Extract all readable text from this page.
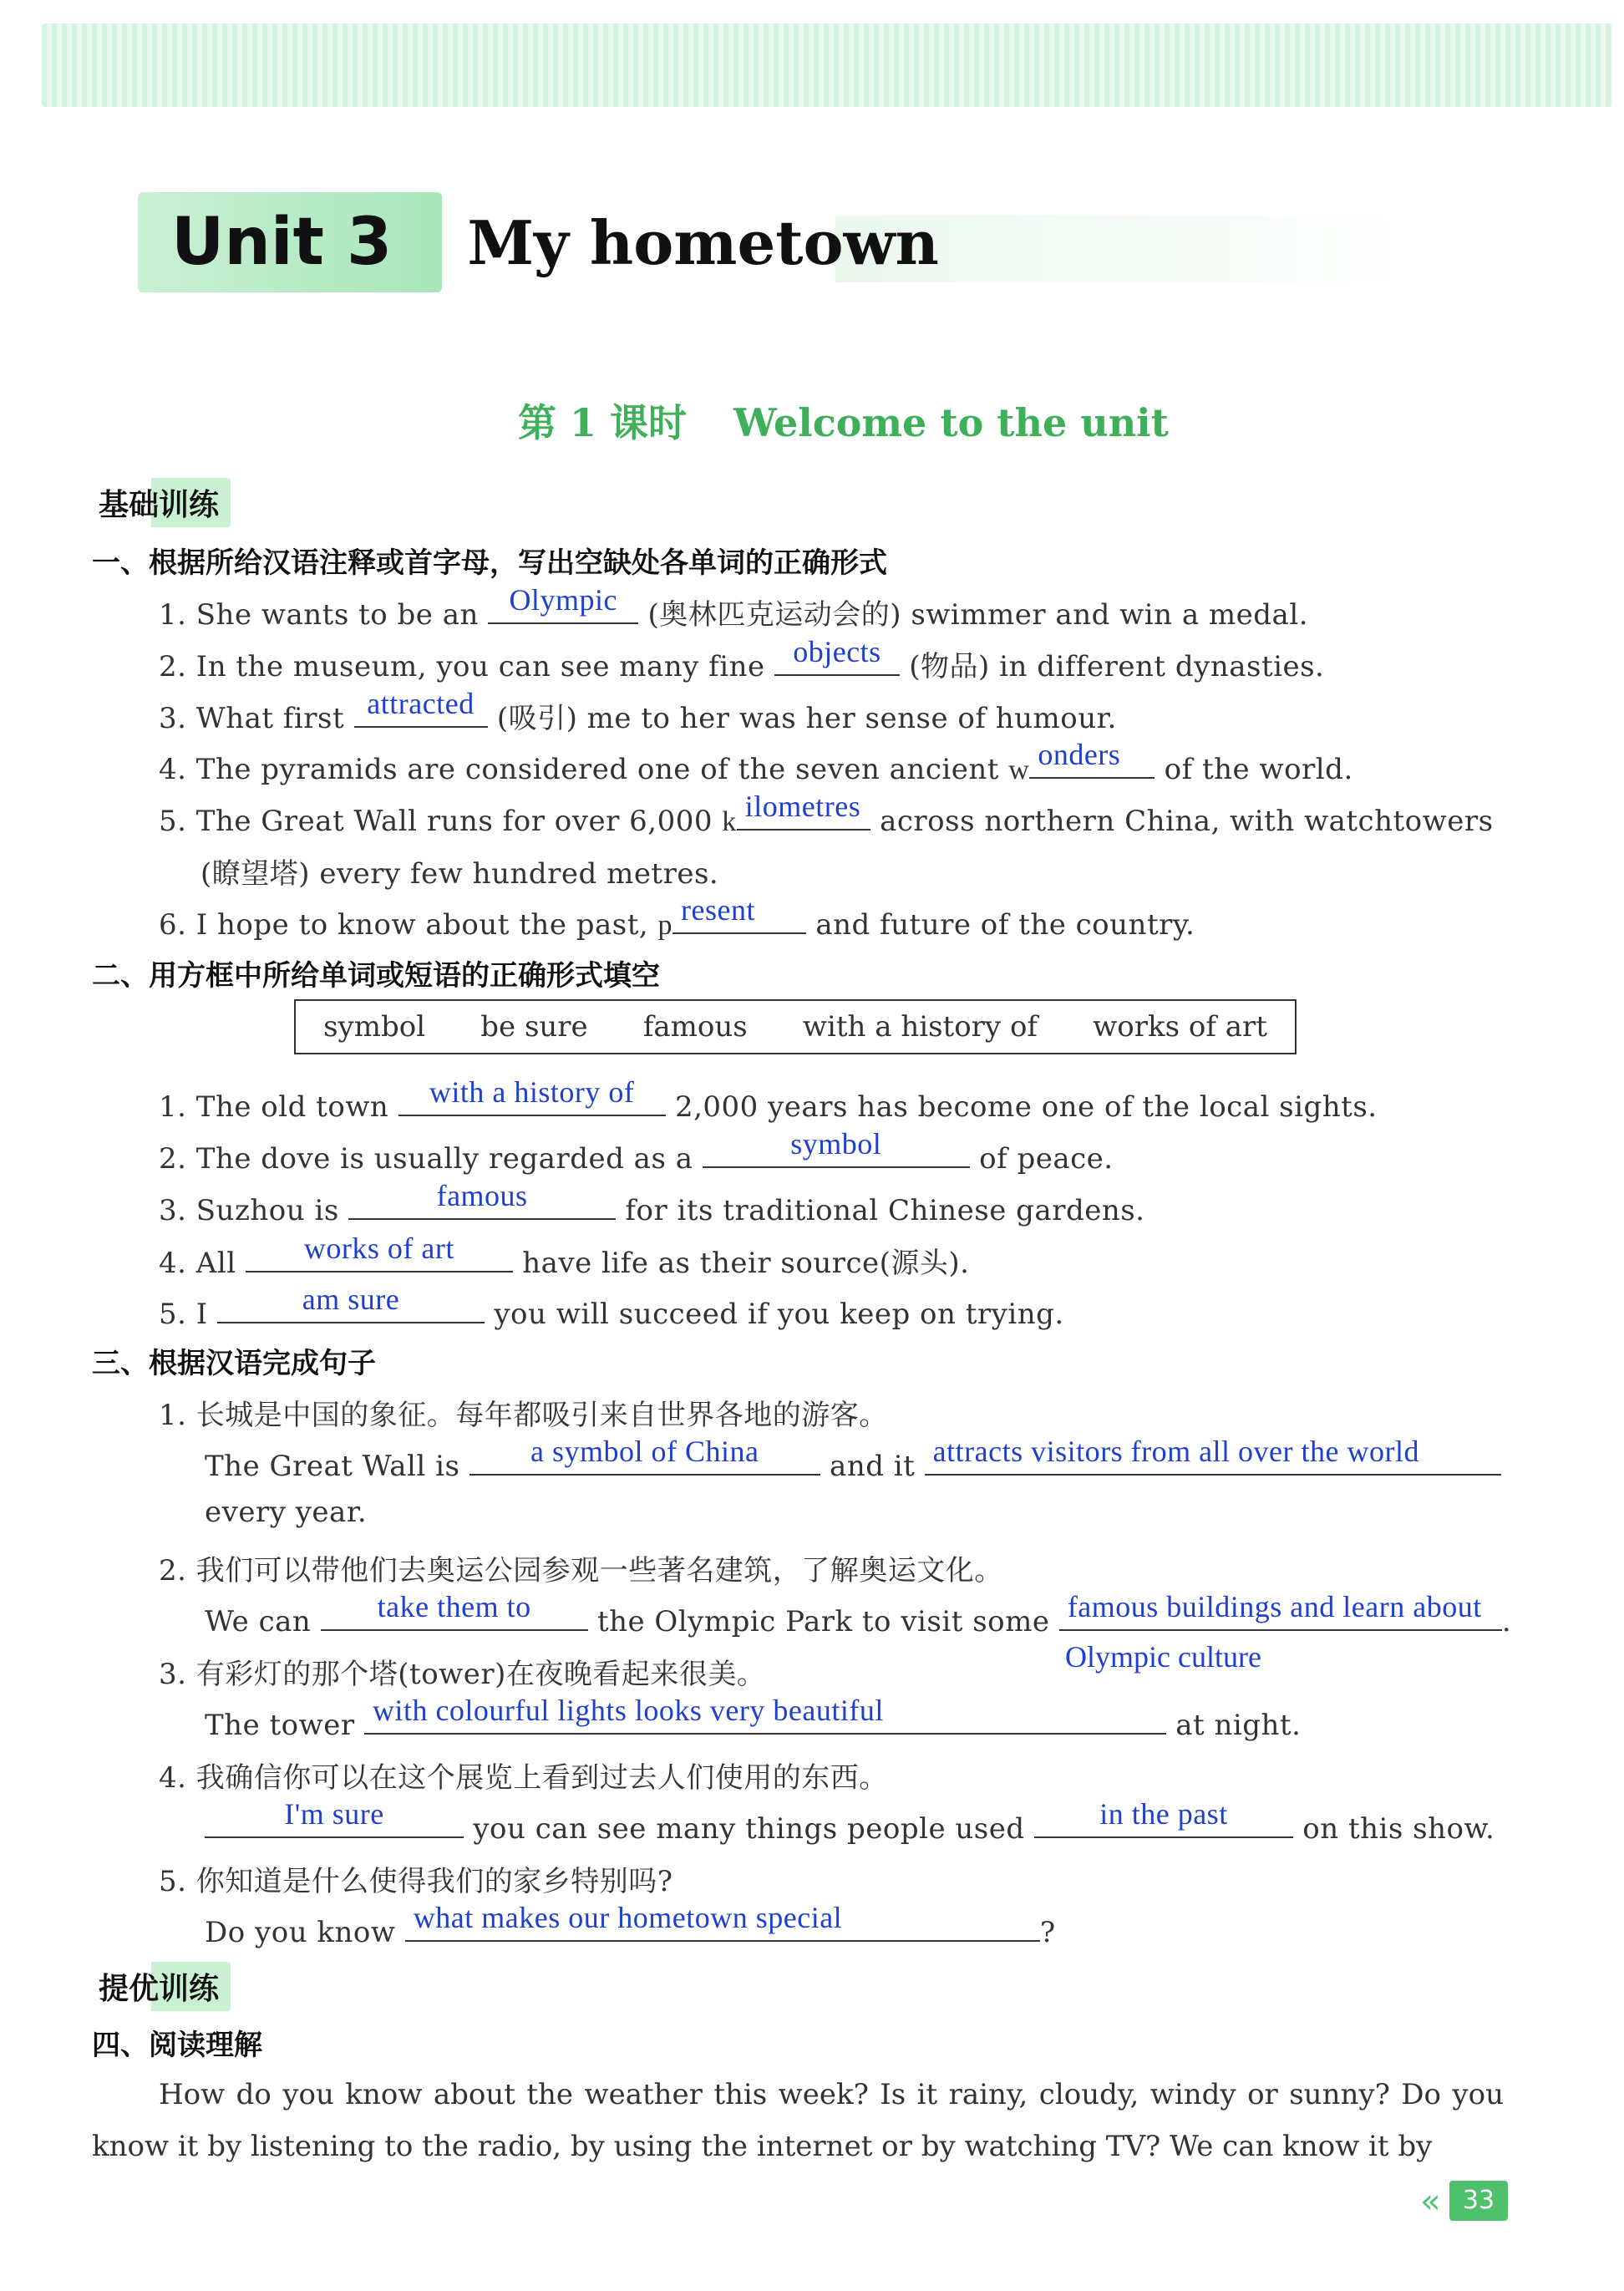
Unit 3	My hometown
第 1 课时 Welcome to the unit
基础训练
一、根据所给汉语注释或首字母，写出空缺处各单词的正确形式
1. She wants to be an	Olympic	(奥林匹克运动会的) swimmer and win a medal.
2. In the museum, you can see many fine objects (物品) in different dynasties.
3. What first attracted (吸引) me to her was her sense of humour.
4. The pyramids are considered one of the seven ancient w onders	of the world.
5. The Great Wall runs for over 6,000 k ilometres across northern China, with watchtowers
(瞭望塔) every few hundred metres.
6. I hope to know about the past, p resent	and future of the country.
二、用方框中所给单词或短语的正确形式填空
symbol be sure famous with a history of works of art
1. The old town	with a history of	2,000 years has become one of the local sights.
2. The dove is usually regarded as a	symbol	of peace.
3. Suzhou is	famous	for its traditional Chinese gardens.
4. All	works of art	have life as their source(源头).
5. I	am sure	you will succeed if you keep on trying.
三、根据汉语完成句子
1. 长城是中国的象征。每年都吸引来自世界各地的游客。
The Great Wall is	a symbol of China	and it attracts visitors from all over the world
every year.
2. 我们可以带他们去奥运公园参观一些著名建筑，了解奥运文化。
We can	take them to	the Olympic Park to visit some famous buildings and learn about .
Olympic culture
3. 有彩灯的那个塔(tower)在夜晚看起来很美。
The tower with colourful lights looks very beautiful	at night.
4. 我确信你可以在这个展览上看到过去人们使用的东西。
I'm sure	you can see many things people used	in the past	on this show.
5. 你知道是什么使得我们的家乡特别吗?
Do you know what makes our hometown special	?
提优训练
四、阅读理解
How do you know about the weather this week? Is it rainy, cloudy, windy or sunny? Do you know it by listening to the radio, by using the internet or by watching TV? We can know it by
« 33
